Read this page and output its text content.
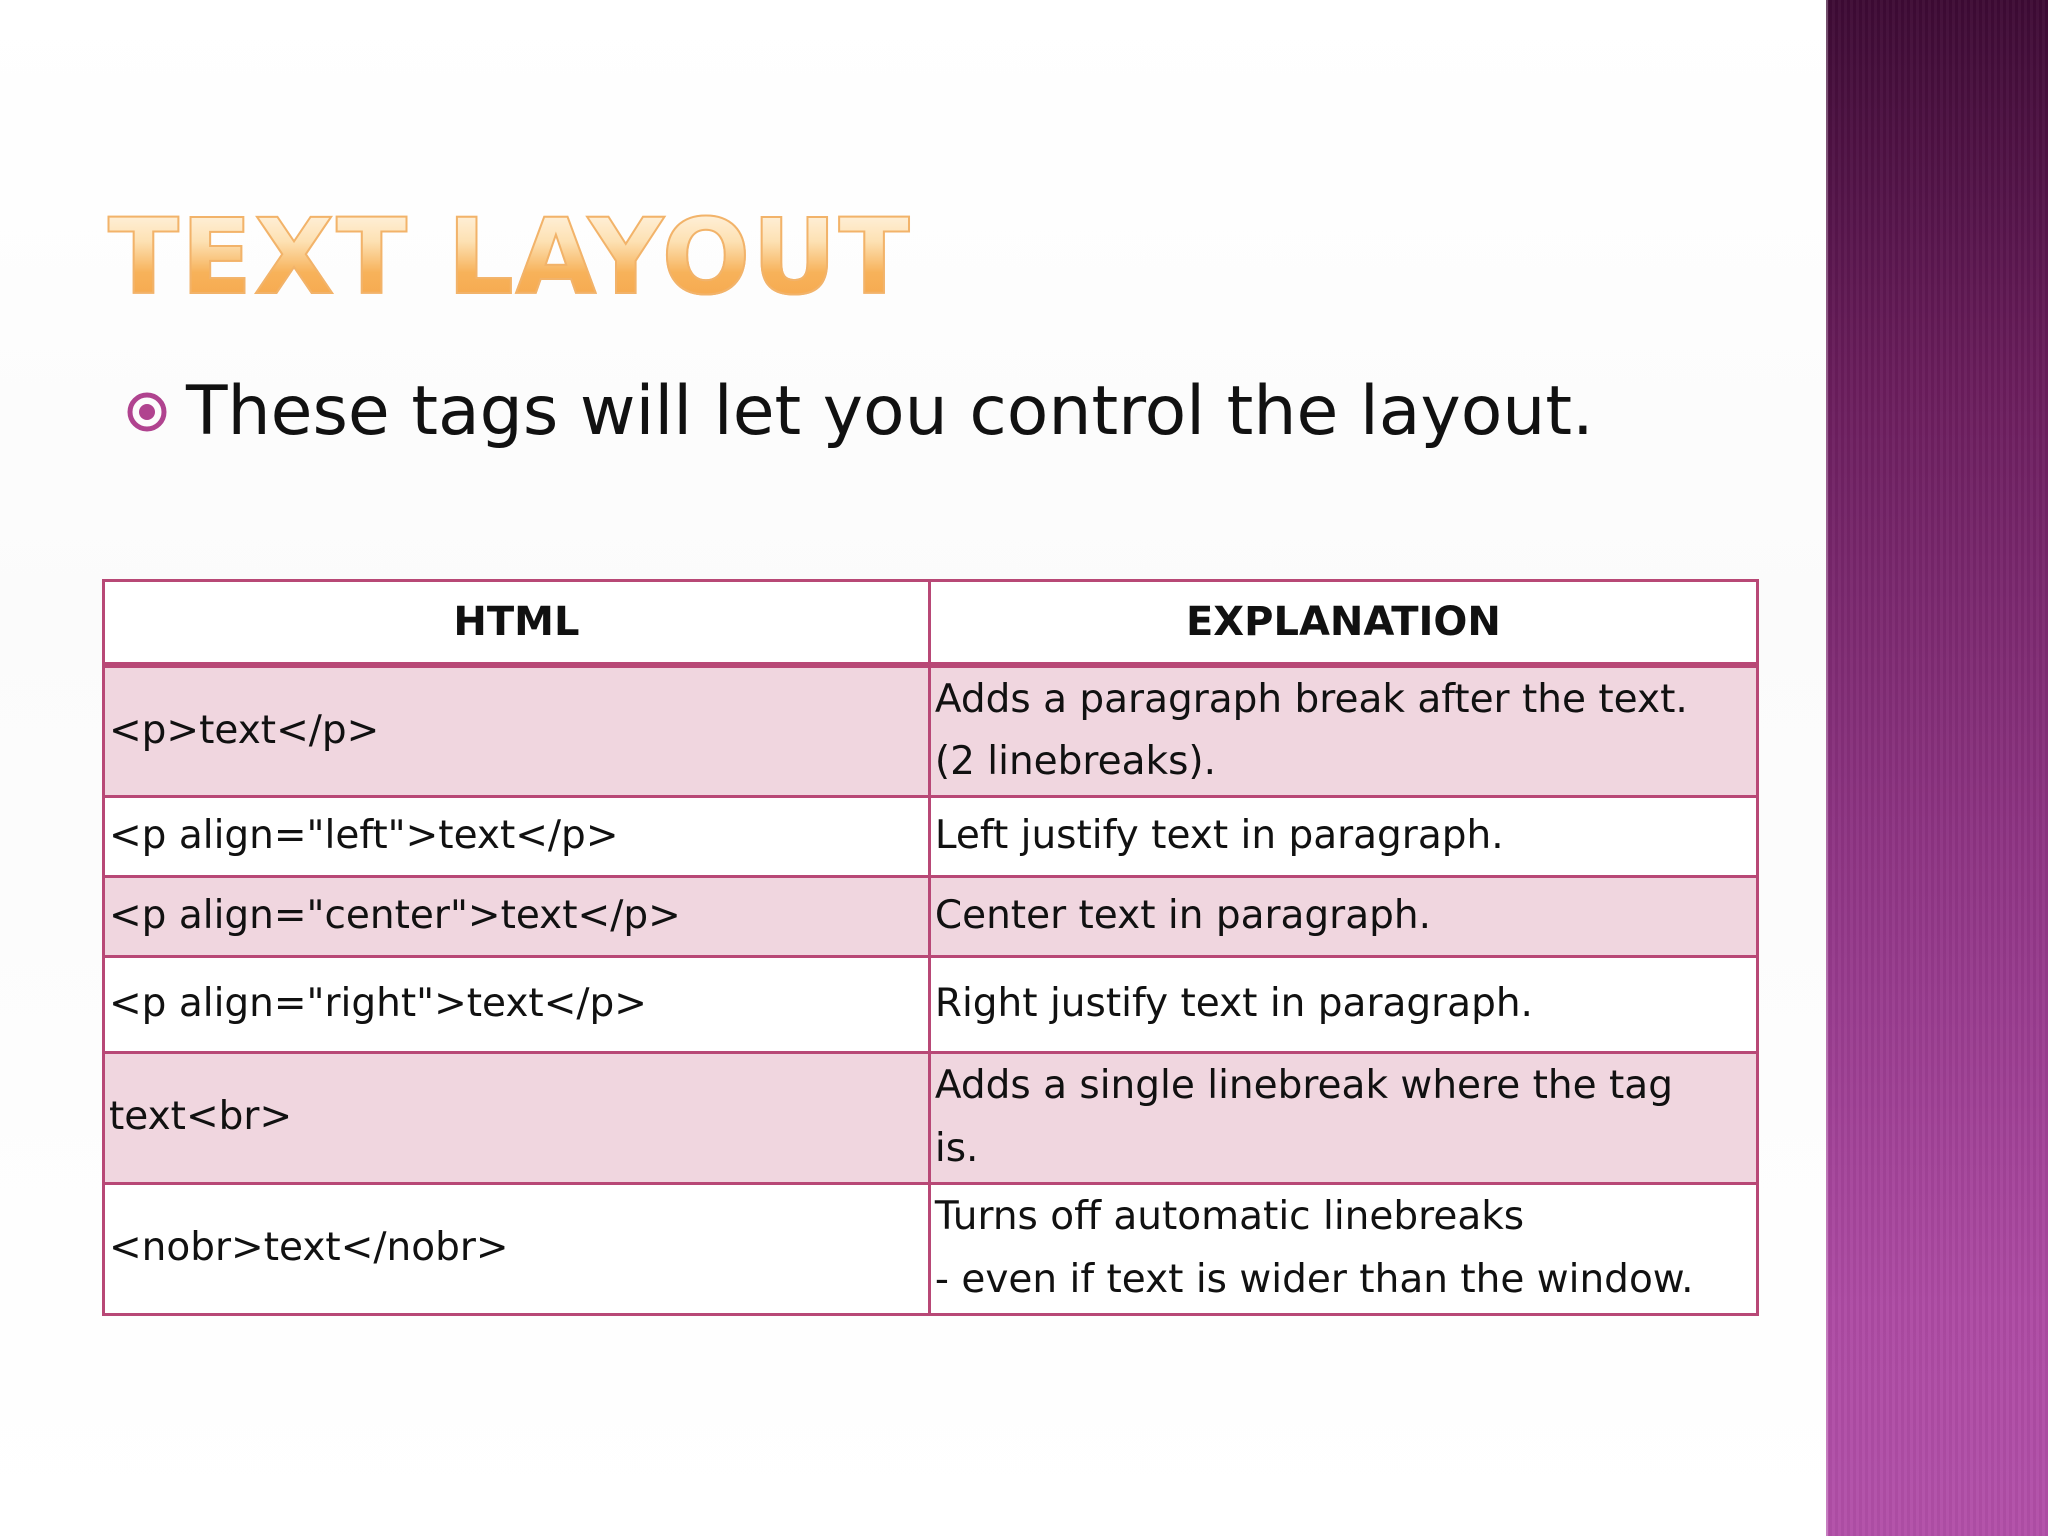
TEXT LAYOUT
These tags will let you control the layout.
HTML	EXPLANATION
<p>text</p>	Adds a paragraph break after the text.
(2 linebreaks).
<p align="left">text</p>	Left justify text in paragraph.
<p align="center">text</p>	Center text in paragraph.
<p align="right">text</p>	Right justify text in paragraph.
text<br>	Adds a single linebreak where the tag
is.
<nobr>text</nobr>	Turns off automatic linebreaks
- even if text is wider than the window.
